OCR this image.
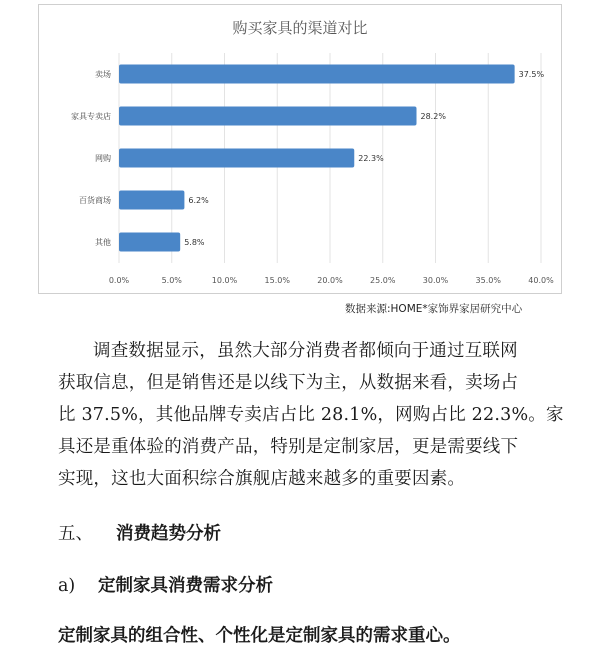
购买家具的渠道对比
0.0%	5.0%	10.0%	15.0%	20.0%	25.0%	30.0%	35.0%	40.0%
卖场	37.5%
家具专卖店	28.2%
网购	22.3%
百货商场	6.2%
其他	5.8%
数据来源:HOME*家饰界家居研究中心

调查数据显示，虽然大部分消费者都倾向于通过互联网
获取信息，但是销售还是以线下为主，从数据来看，卖场占
比 37.5%，其他品牌专卖店占比 28.1%，网购占比 22.3%。家
具还是重体验的消费产品，特别是定制家居，更是需要线下
实现，这也大面积综合旗舰店越来越多的重要因素。

五、 消费趋势分析
a) 定制家具消费需求分析
定制家具的组合性、个性化是定制家具的需求重心。
